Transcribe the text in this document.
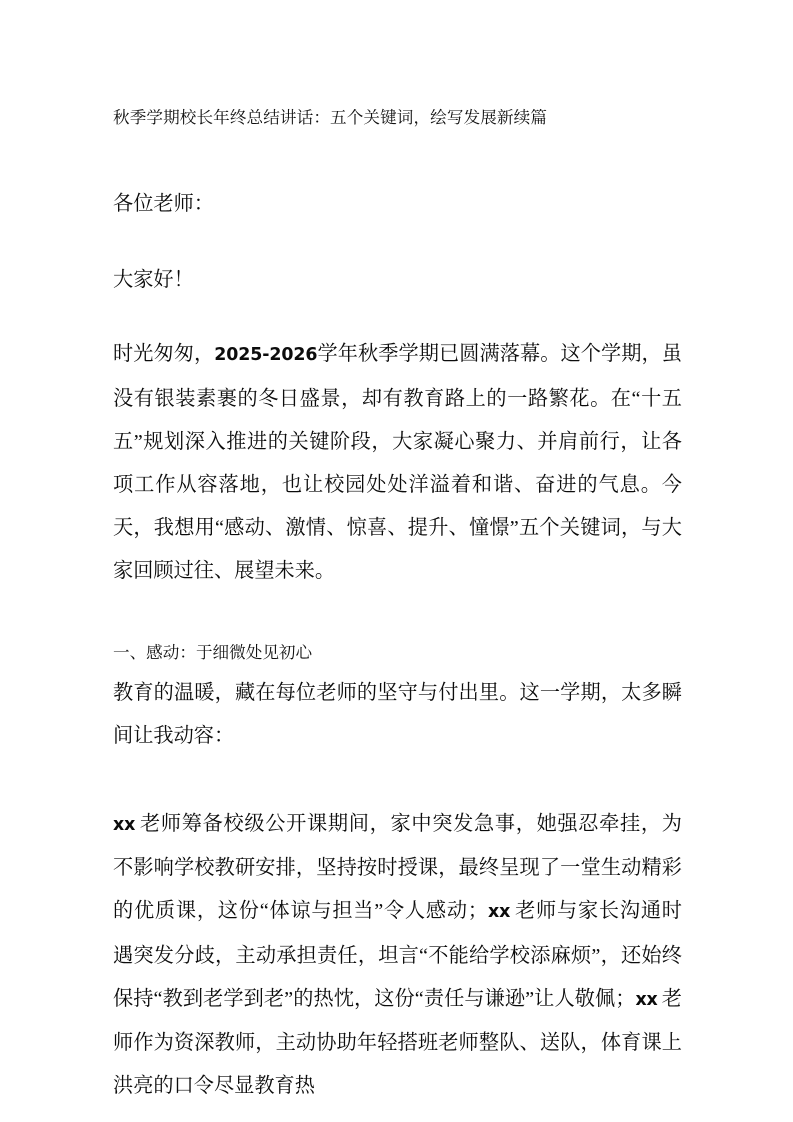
秋季学期校长年终总结讲话：五个关键词，绘写发展新续篇
各位老师：
大家好！

时光匆匆，2025-2026学年秋季学期已圆满落幕。这个学期，虽没有银装素裹的冬日盛景，却有教育路上的一路繁花。在“十五五”规划深入推进的关键阶段，大家凝心聚力、并肩前行，让各项工作从容落地，也让校园处处洋溢着和谐、奋进的气息。今天，我想用“感动、激情、惊喜、提升、憧憬”五个关键词，与大家回顾过往、展望未来。

一、感动：于细微处见初心

教育的温暖，藏在每位老师的坚守与付出里。这一学期，太多瞬间让我动容：

xx  老师筹备校级公开课期间，家中突发急事，她强忍牵挂，为不影响学校教研安排，坚持按时授课，最终呈现了一堂生动精彩的优质课，这份“体谅与担当”令人感动；xx  老师与家长沟通时遇突发分歧，主动承担责任，坦言“不能给学校添麻烦”，还始终保持“教到老学到老”的热忱，这份“责任与谦逊”让人敬佩；xx  老师作为资深教师，主动协助年轻搭班老师整队、送队，体育课上洪亮的口令尽显教育热
